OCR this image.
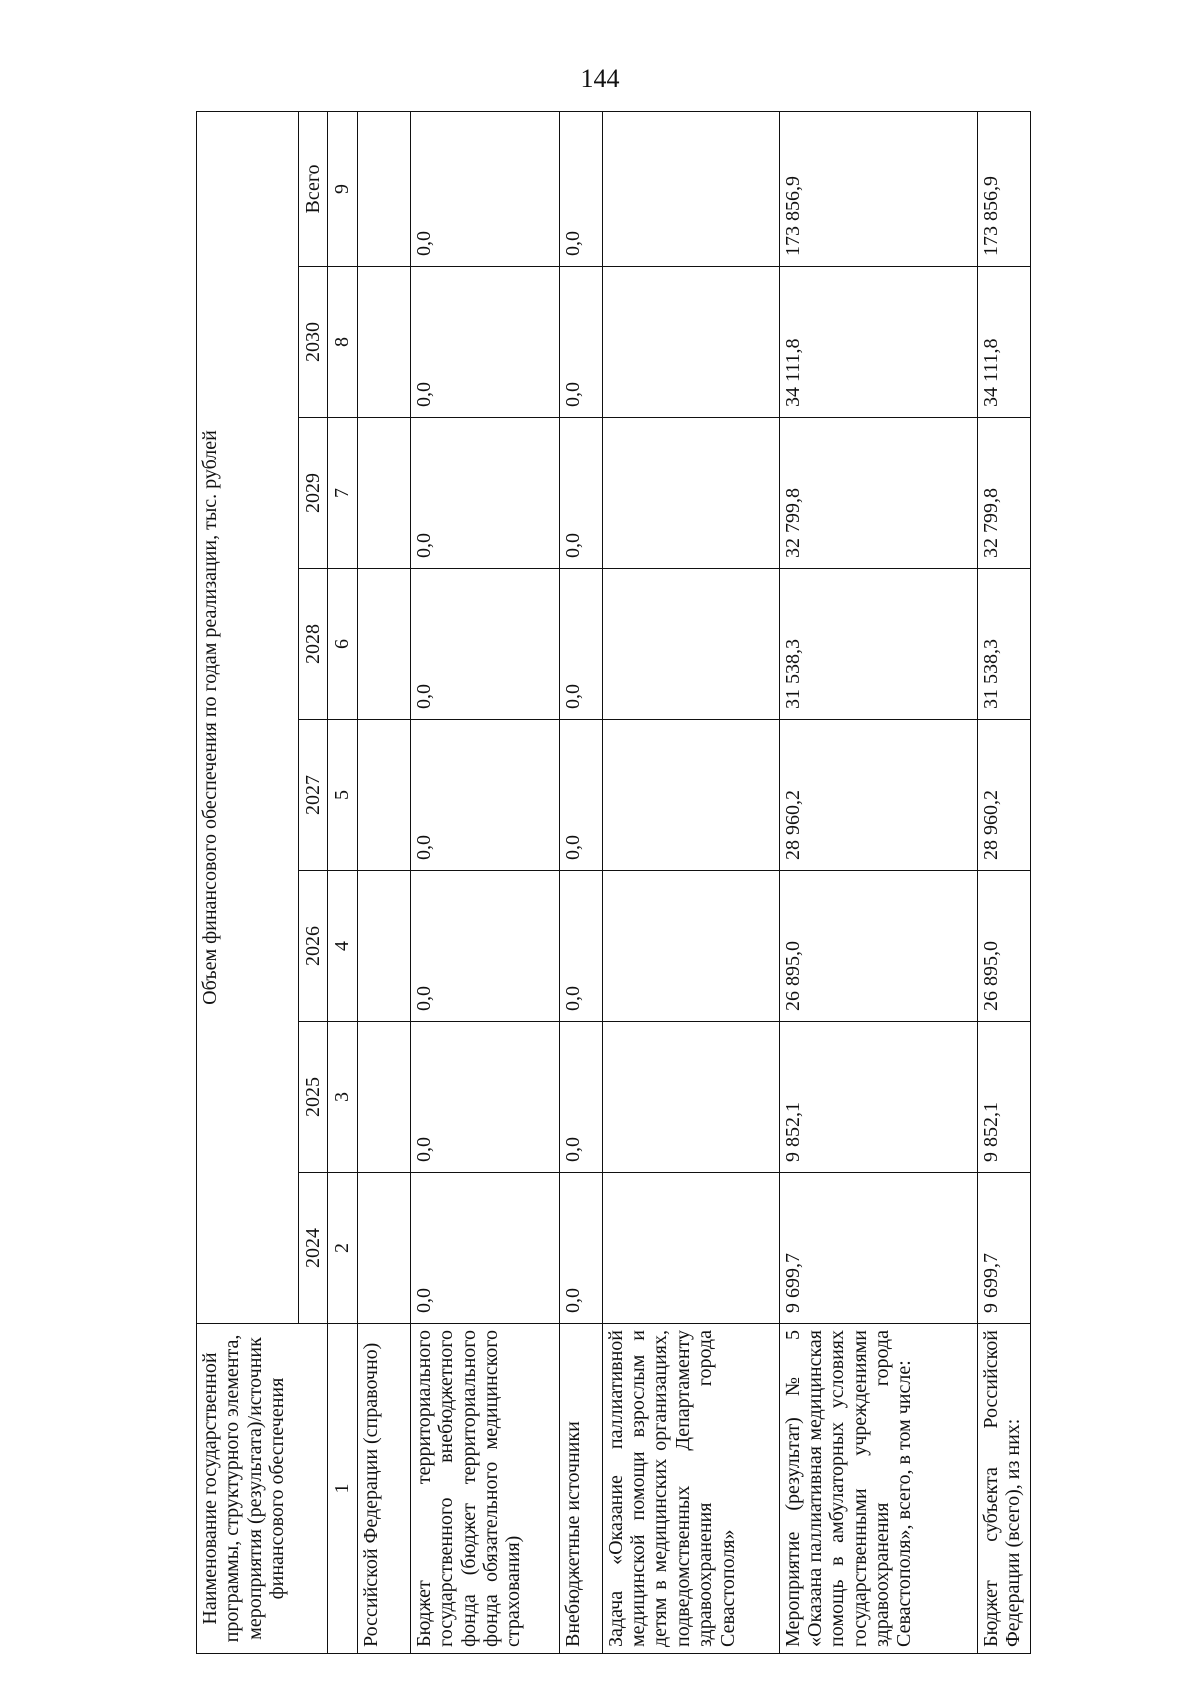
144
Наименование государственной программы, структурного элемента, мероприятия (результата)/источник финансового обеспечения	Объем финансового обеспечения по годам реализации, тыс. рублей							
	2024	2025	2026	2027	2028	2029	2030	Всего
1	2	3	4	5	6	7	8	9
Российской Федерации (справочно)								
Бюджет территориального государственного внебюджетного фонда (бюджет территориального фонда обязательного медицинского страхования)	0,0	0,0	0,0	0,0	0,0	0,0	0,0	0,0
Внебюджетные источники	0,0	0,0	0,0	0,0	0,0	0,0	0,0	0,0
Задача «Оказание паллиативной медицинской помощи взрослым и детям в медицинских организациях, подведомственных Департаменту здравоохранения города Севастополя»								
Мероприятие (результат) № 5 «Оказана паллиативная медицинская помощь в амбулаторных условиях государственными учреждениями здравоохранения города Севастополя», всего, в том числе:	9 699,7	9 852,1	26 895,0	28 960,2	31 538,3	32 799,8	34 111,8	173 856,9
Бюджет субъекта Российской Федерации (всего), из них:	9 699,7	9 852,1	26 895,0	28 960,2	31 538,3	32 799,8	34 111,8	173 856,9
